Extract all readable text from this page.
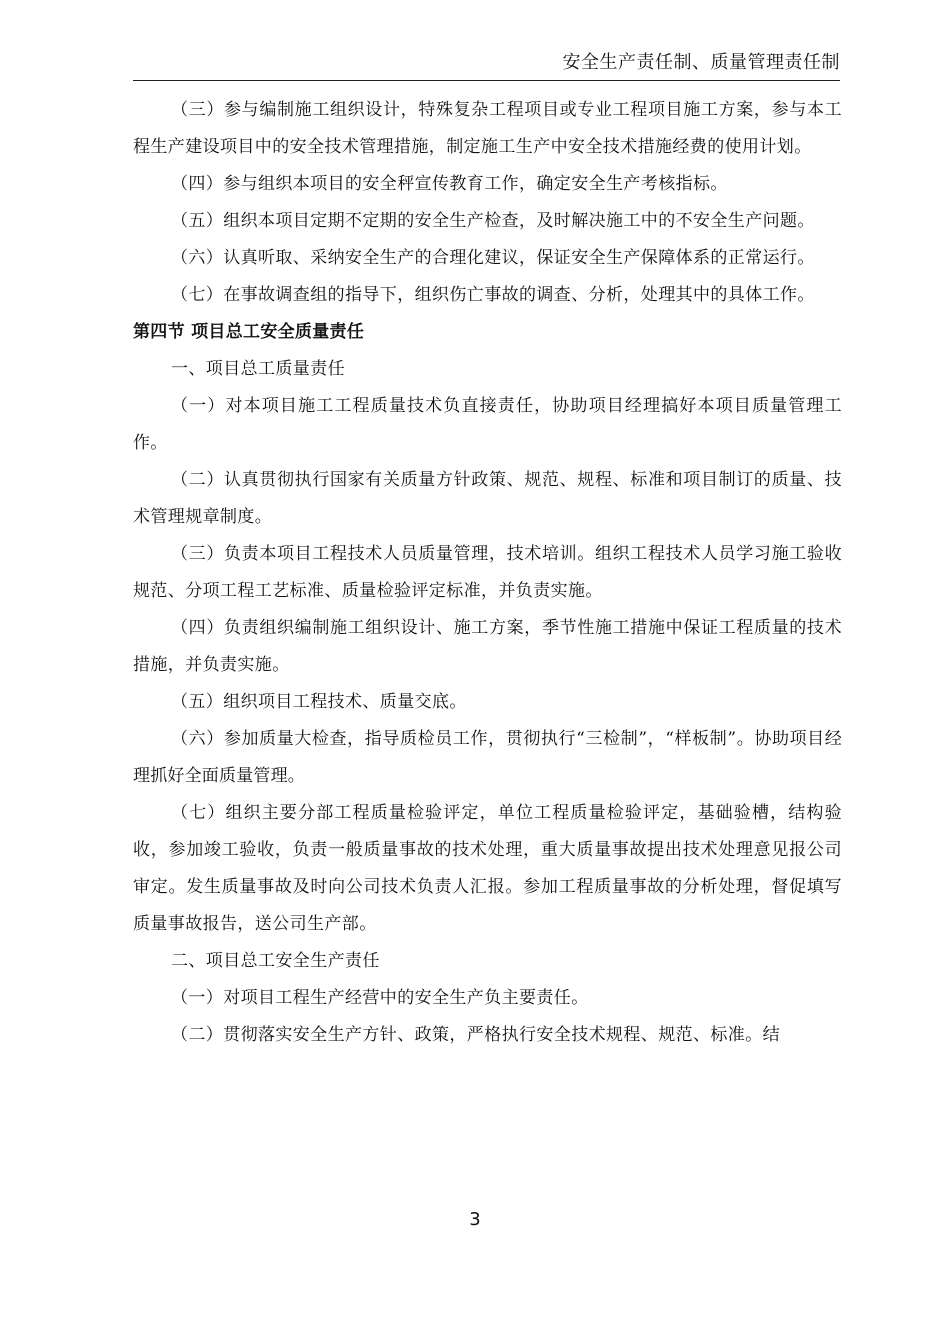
安全生产责任制、质量管理责任制

（三）参与编制施工组织设计，特殊复杂工程项目或专业工程项目施工方案，参与本工程生产建设项目中的安全技术管理措施，制定施工生产中安全技术措施经费的使用计划。

（四）参与组织本项目的安全秤宣传教育工作，确定安全生产考核指标。

（五）组织本项目定期不定期的安全生产检查，及时解决施工中的不安全生产问题。

（六）认真听取、采纳安全生产的合理化建议，保证安全生产保障体系的正常运行。

（七）在事故调查组的指导下，组织伤亡事故的调查、分析，处理其中的具体工作。

第四节 项目总工安全质量责任

一、项目总工质量责任

（一）对本项目施工工程质量技术负直接责任，协助项目经理搞好本项目质量管理工作。

（二）认真贯彻执行国家有关质量方针政策、规范、规程、标准和项目制订的质量、技术管理规章制度。

（三）负责本项目工程技术人员质量管理，技术培训。组织工程技术人员学习施工验收规范、分项工程工艺标准、质量检验评定标准，并负责实施。

（四）负责组织编制施工组织设计、施工方案，季节性施工措施中保证工程质量的技术措施，并负责实施。

（五）组织项目工程技术、质量交底。

（六）参加质量大检查，指导质检员工作，贯彻执行“三检制”，“样板制”。协助项目经理抓好全面质量管理。

（七）组织主要分部工程质量检验评定，单位工程质量检验评定，基础验槽，结构验收，参加竣工验收，负责一般质量事故的技术处理，重大质量事故提出技术处理意见报公司审定。发生质量事故及时向公司技术负责人汇报。参加工程质量事故的分析处理，督促填写质量事故报告，送公司生产部。

二、项目总工安全生产责任

（一）对项目工程生产经营中的安全生产负主要责任。

（二）贯彻落实安全生产方针、政策，严格执行安全技术规程、规范、标准。结

3
